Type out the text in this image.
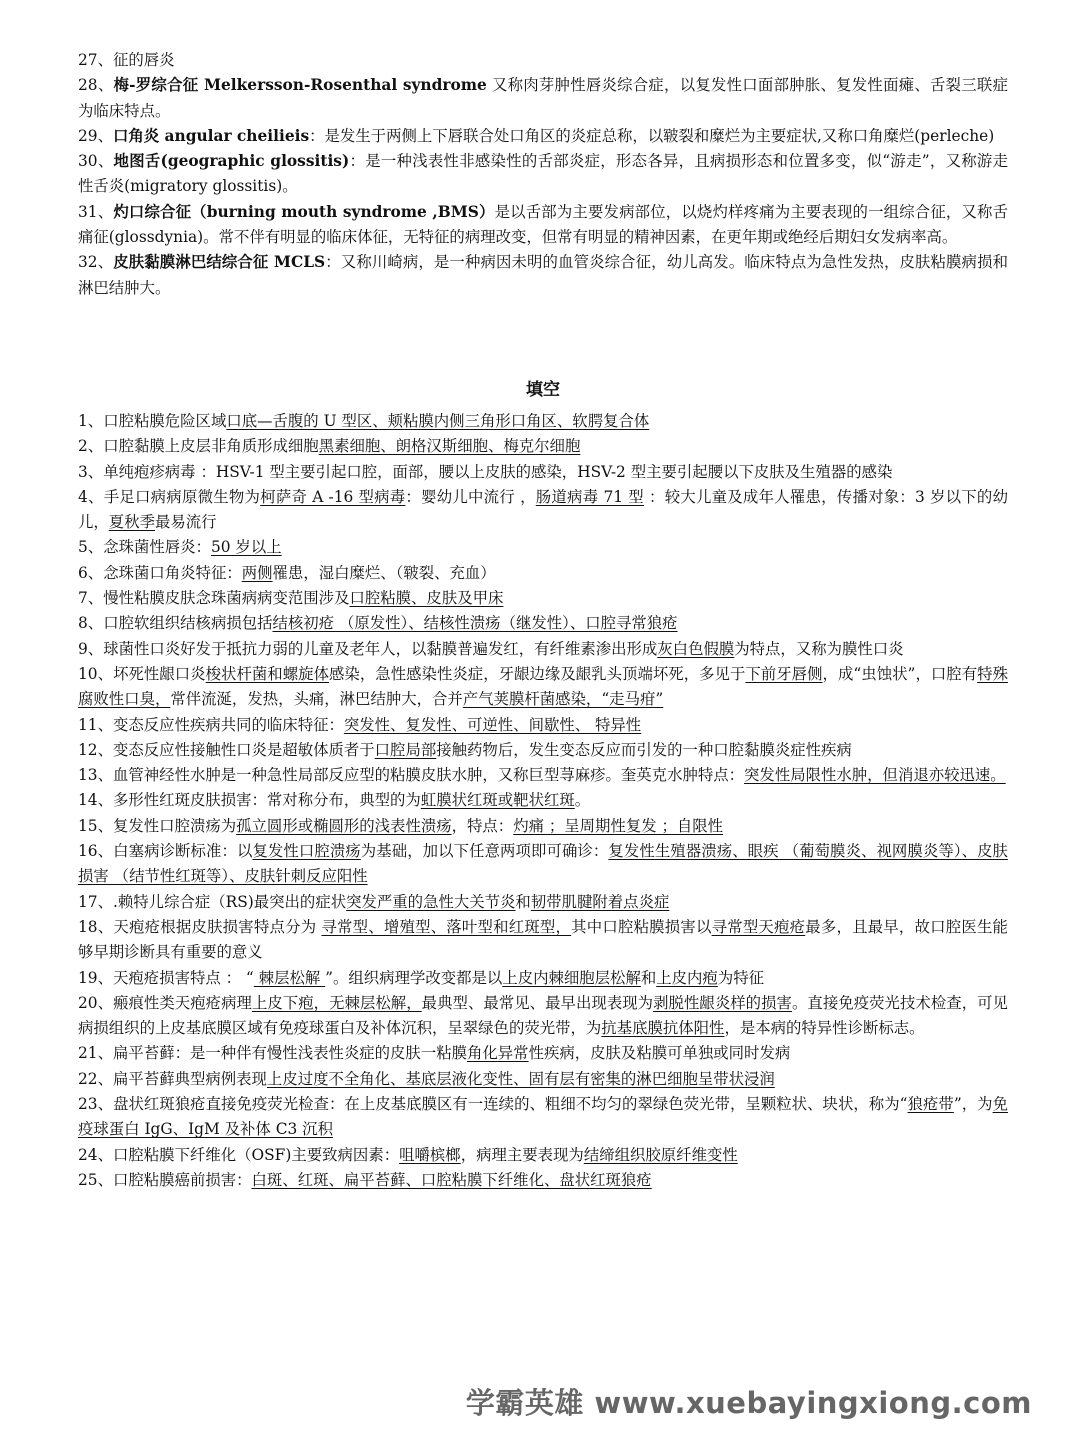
27、征的唇炎

28、梅-罗综合征 Melkersson-Rosenthal syndrome 又称肉芽肿性唇炎综合症，以复发性口面部肿胀、复发性面瘫、舌裂三联症为临床特点。

29、口角炎 angular cheilieis：是发生于两侧上下唇联合处口角区的炎症总称，以皲裂和糜烂为主要症状,又称口角糜烂(perleche)

30、地图舌(geographic glossitis)：是一种浅表性非感染性的舌部炎症，形态各异，且病损形态和位置多变，似“游走”，又称游走性舌炎(migratory glossitis)。

31、灼口综合征（burning mouth syndrome ,BMS）是以舌部为主要发病部位，以烧灼样疼痛为主要表现的一组综合征，又称舌痛征(glossdynia)。常不伴有明显的临床体征，无特征的病理改变，但常有明显的精神因素，在更年期或绝经后期妇女发病率高。

32、皮肤黏膜淋巴结综合征 MCLS：又称川崎病，是一种病因未明的血管炎综合征，幼儿高发。临床特点为急性发热，皮肤粘膜病损和淋巴结肿大。

填空

1、口腔粘膜危险区域口底—舌腹的 U 型区、颊粘膜内侧三角形口角区、软腭复合体

2、口腔黏膜上皮层非角质形成细胞黑素细胞、朗格汉斯细胞、梅克尔细胞

3、单纯疱疹病毒 ：HSV-1 型主要引起口腔，面部，腰以上皮肤的感染，HSV-2 型主要引起腰以下皮肤及生殖器的感染

4、手足口病病原微生物为柯萨奇 A -16 型病毒：婴幼儿中流行 ，肠道病毒 71 型 ：较大儿童及成年人罹患，传播对象：3 岁以下的幼儿，夏秋季最易流行

5、念珠菌性唇炎：50 岁以上

6、念珠菌口角炎特征：两侧罹患，湿白糜烂、（皲裂、充血）

7、慢性粘膜皮肤念珠菌病病变范围涉及口腔粘膜、皮肤及甲床

8、口腔软组织结核病损包括结核初疮 （原发性）、结核性溃疡（继发性）、口腔寻常狼疮

9、球菌性口炎好发于抵抗力弱的儿童及老年人，以黏膜普遍发红，有纤维素渗出形成灰白色假膜为特点，又称为膜性口炎

10、坏死性龈口炎梭状杆菌和螺旋体感染，急性感染性炎症，牙龈边缘及龈乳头顶端坏死，多见于下前牙唇侧，成“虫蚀状”，口腔有特殊腐败性口臭，常伴流涎，发热，头痛，淋巴结肿大，合并产气荚膜杆菌感染，“走马疳”

11、变态反应性疾病共同的临床特征：突发性、复发性、可逆性、间歇性、 特异性

12、变态反应性接触性口炎是超敏体质者于口腔局部接触药物后，发生变态反应而引发的一种口腔黏膜炎症性疾病

13、血管神经性水肿是一种急性局部反应型的粘膜皮肤水肿，又称巨型荨麻疹。奎英克水肿特点：突发性局限性水肿，但消退亦较迅速。

14、多形性红斑皮肤损害：常对称分布，典型的为虹膜状红斑或靶状红斑。

15、复发性口腔溃疡为孤立圆形或椭圆形的浅表性溃疡，特点：灼痛 ；呈周期性复发 ；自限性

16、白塞病诊断标准：以复发性口腔溃疡为基础，加以下任意两项即可确诊：复发性生殖器溃疡、眼疾 （葡萄膜炎、视网膜炎等）、皮肤损害 （结节性红斑等）、皮肤针刺反应阳性

17、.赖特儿综合症（RS)最突出的症状突发严重的急性大关节炎和韧带肌腱附着点炎症

18、天疱疮根据皮肤损害特点分为 寻常型、增殖型、落叶型和红斑型，其中口腔粘膜损害以寻常型天疱疮最多，且最早，故口腔医生能够早期诊断具有重要的意义

19、天疱疮损害特点 ： “ 棘层松解 ”。组织病理学改变都是以上皮内棘细胞层松解和上皮内疱为特征

20、瘢痕性类天疱疮病理上皮下疱，无棘层松解，最典型、最常见、最早出现表现为剥脱性龈炎样的损害。直接免疫荧光技术检查，可见病损组织的上皮基底膜区域有免疫球蛋白及补体沉积，呈翠绿色的荧光带，为抗基底膜抗体阳性，是本病的特异性诊断标志。

21、扁平苔藓：是一种伴有慢性浅表性炎症的皮肤一粘膜角化异常性疾病，皮肤及粘膜可单独或同时发病

22、扁平苔藓典型病例表现上皮过度不全角化、基底层液化变性、固有层有密集的淋巴细胞呈带状浸润

23、盘状红斑狼疮直接免疫荧光检查：在上皮基底膜区有一连续的、粗细不均匀的翠绿色荧光带，呈颗粒状、块状，称为“狼疮带”，为免疫球蛋白 IgG、IgM 及补体 C3 沉积

24、口腔粘膜下纤维化（OSF)主要致病因素：咀嚼槟榔，病理主要表现为结缔组织胶原纤维变性

25、口腔粘膜癌前损害：白斑、红斑、扁平苔藓、口腔粘膜下纤维化、盘状红斑狼疮

学霸英雄 www.xuebayingxiong.com
